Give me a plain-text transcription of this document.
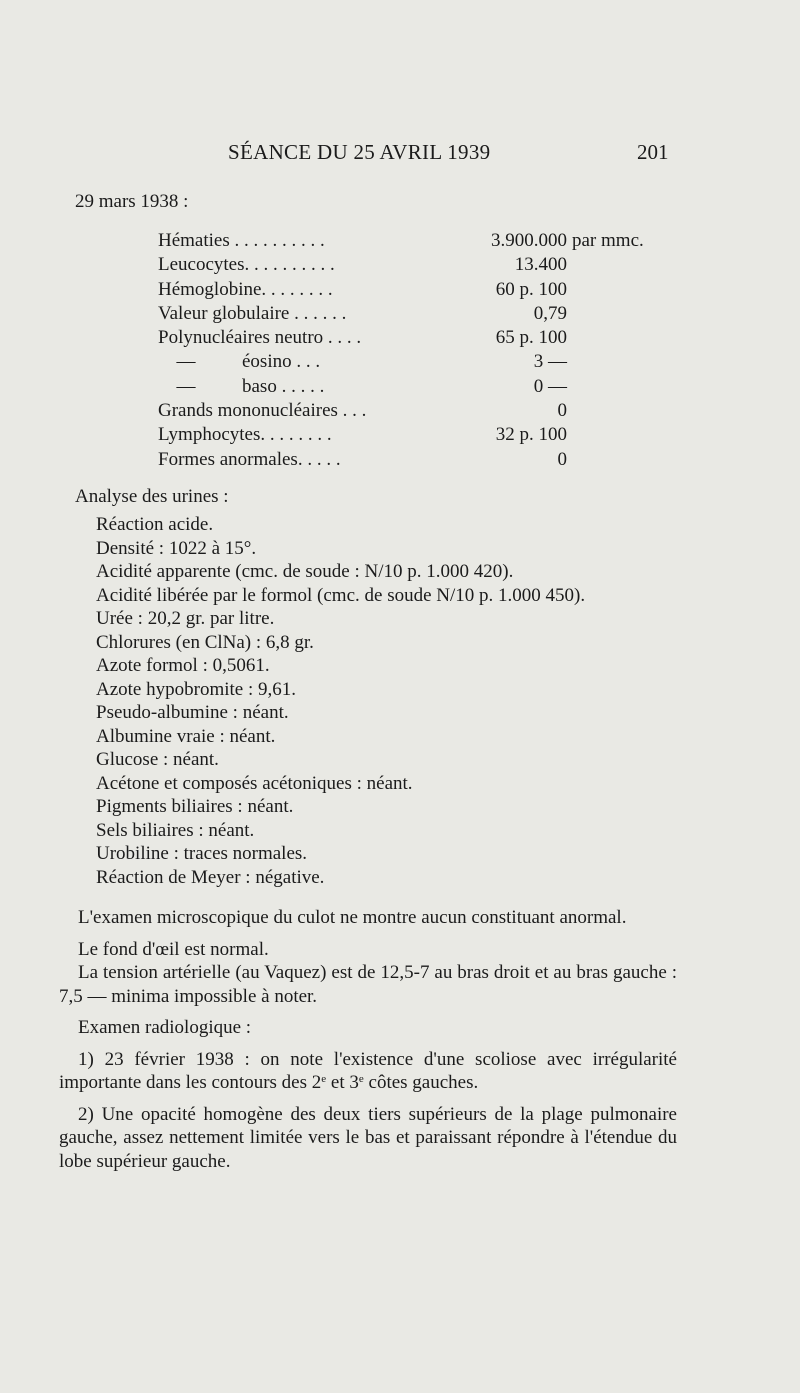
SÉANCE DU 25 AVRIL 1939	201
29 mars 1938 :
Hématies . . . . . . . . . .	3.900.000 par mmc.
Leucocytes. . . . . . . . . .	13.400
Hémoglobine. . . . . . . .	60 p. 100
Valeur globulaire . . . . . .	0,79
Polynucléaires neutro . . . .	65 p. 100
— éosino . . .	3 —
— baso . . . . .	0 —
Grands mononucléaires . . .	0
Lymphocytes. . . . . . . .	32 p. 100
Formes anormales. . . . .	0
Analyse des urines :
Réaction acide.
Densité : 1022 à 15°.
Acidité apparente (cmc. de soude : N/10 p. 1.000 420).
Acidité libérée par le formol (cmc. de soude N/10 p. 1.000 450).
Urée : 20,2 gr. par litre.
Chlorures (en ClNa) : 6,8 gr.
Azote formol : 0,5061.
Azote hypobromite : 9,61.
Pseudo-albumine : néant.
Albumine vraie : néant.
Glucose : néant.
Acétone et composés acétoniques : néant.
Pigments biliaires : néant.
Sels biliaires : néant.
Urobiline : traces normales.
Réaction de Meyer : négative.

L'examen microscopique du culot ne montre aucun constituant anormal.

Le fond d'œil est normal.

La tension artérielle (au Vaquez) est de 12,5-7 au bras droit et au bras gauche : 7,5 — minima impossible à noter.

Examen radiologique :

1) 23 février 1938 : on note l'existence d'une scoliose avec irrégularité importante dans les contours des 2e et 3e côtes gauches.

2) Une opacité homogène des deux tiers supérieurs de la plage pulmonaire gauche, assez nettement limitée vers le bas et paraissant répondre à l'étendue du lobe supérieur gauche.
